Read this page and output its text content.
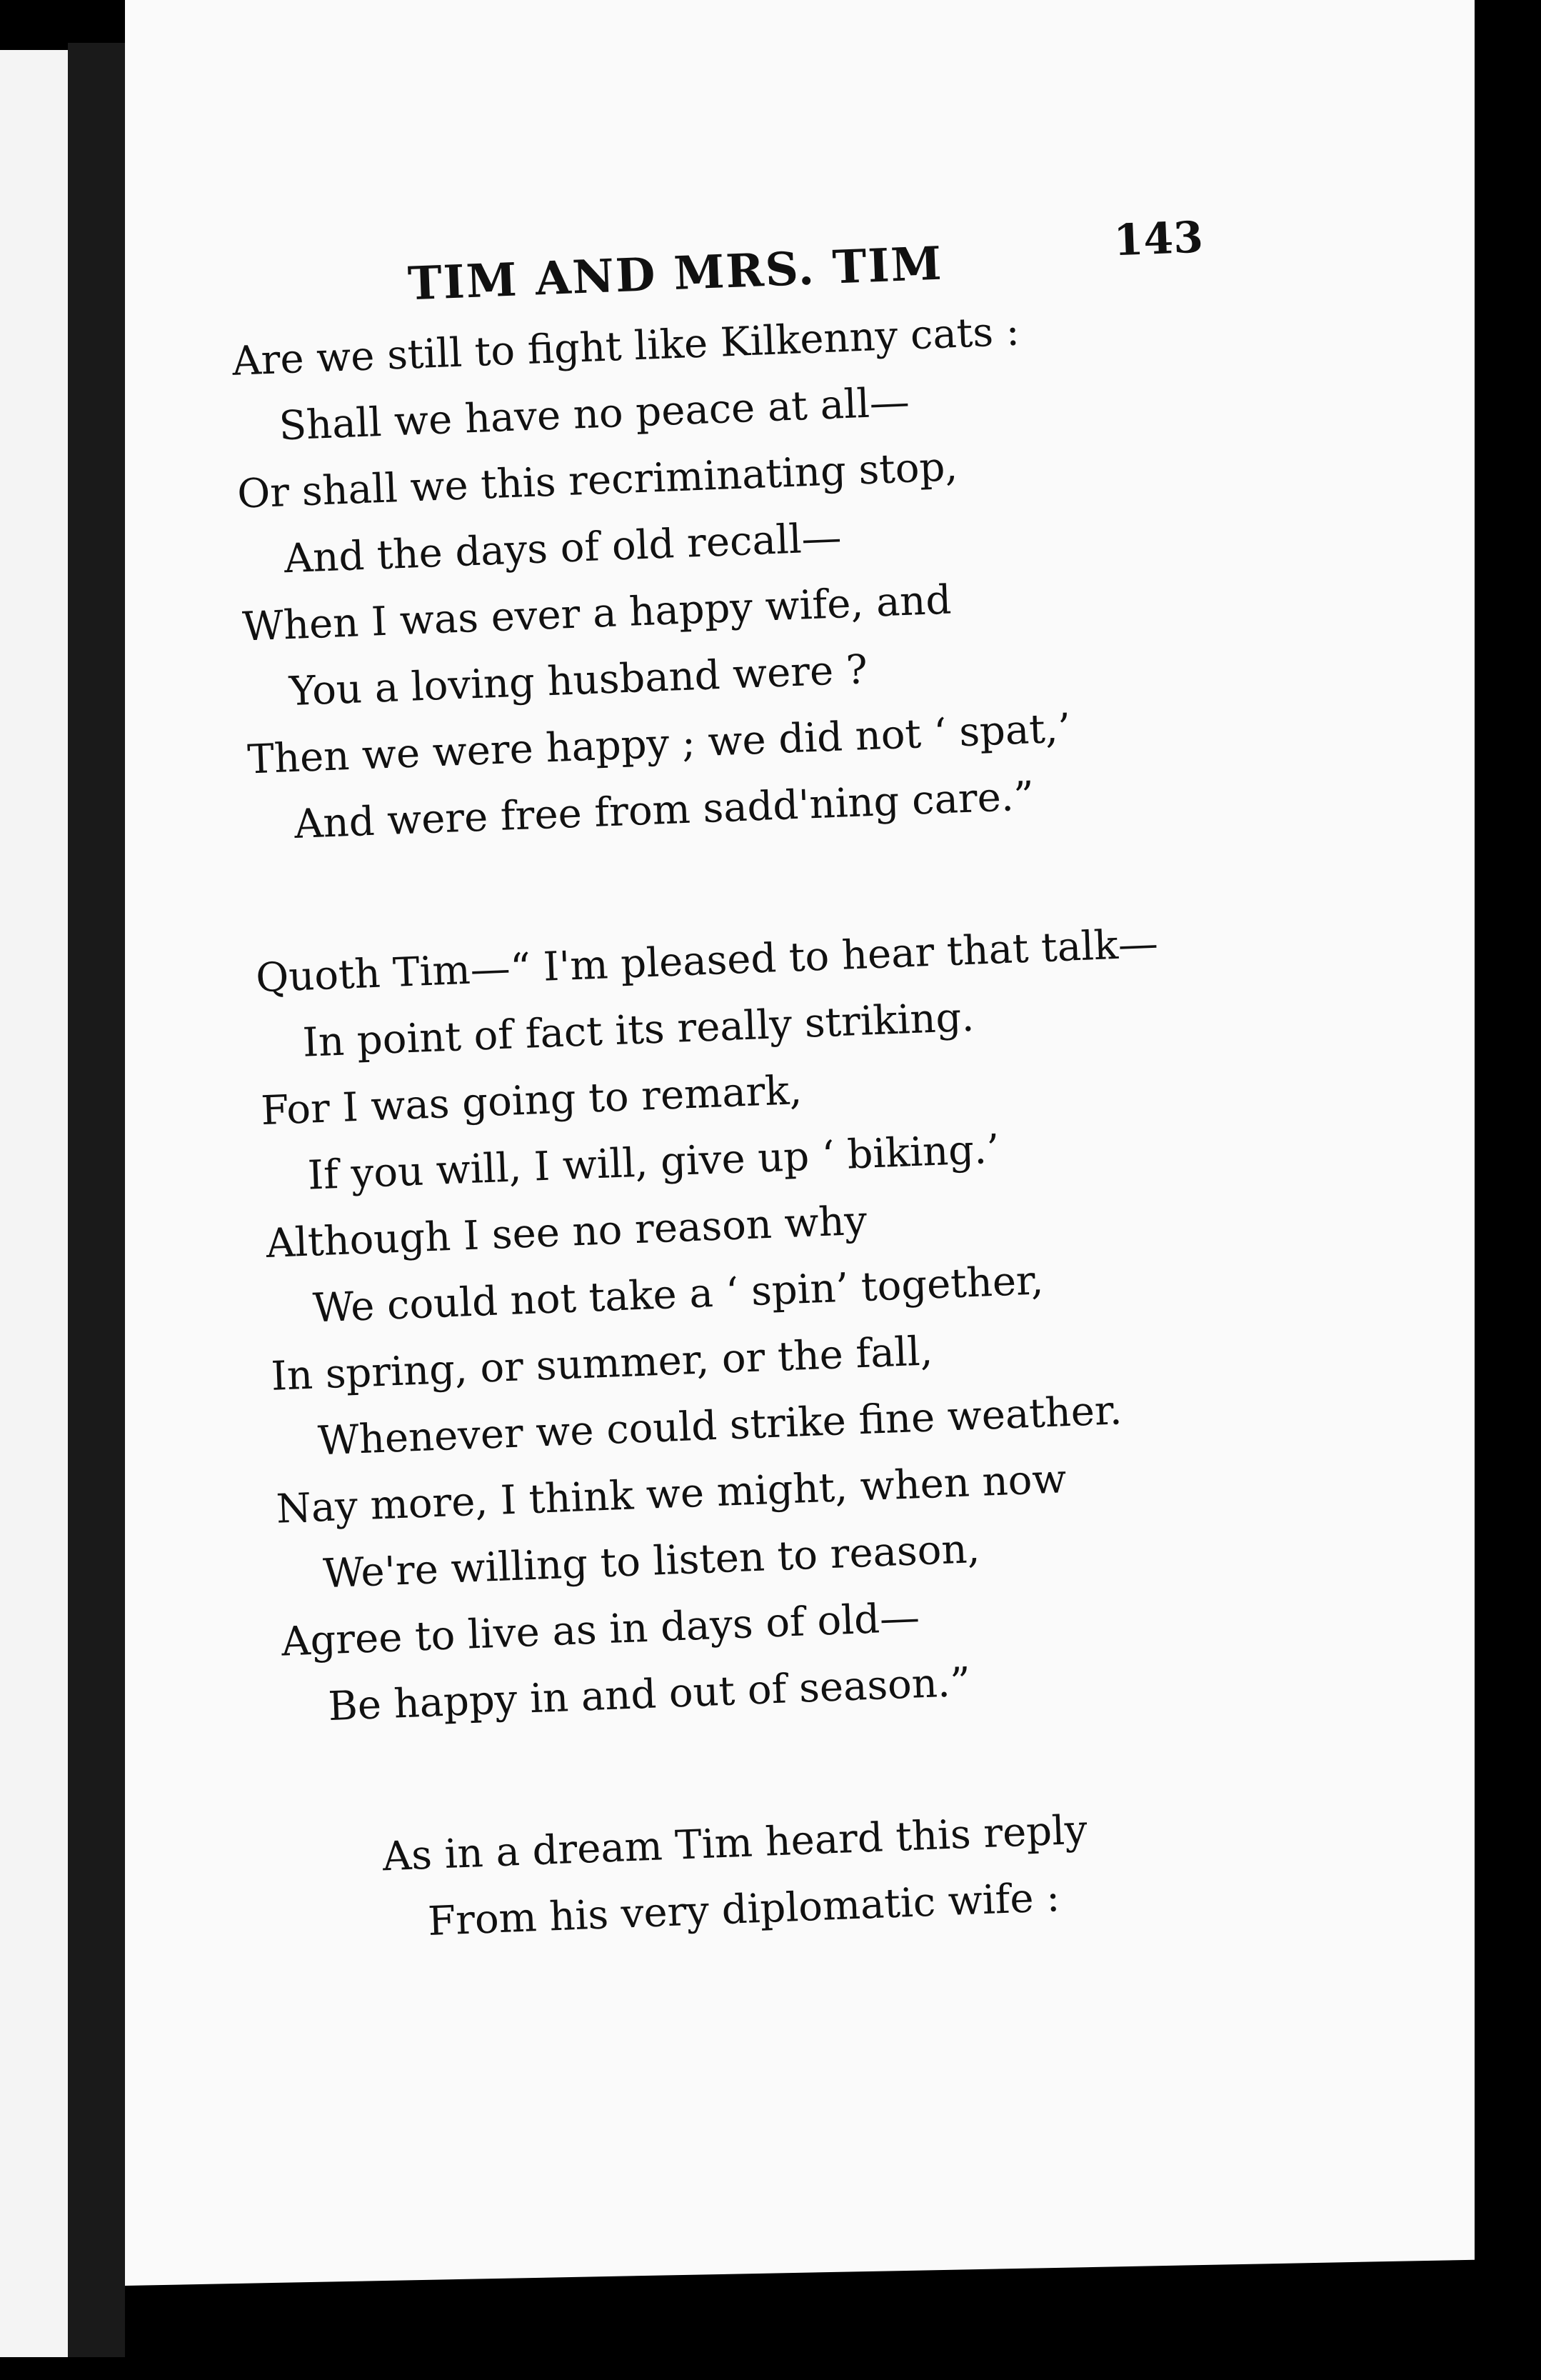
TIM AND MRS. TIM	143
Are we still to fight like Kilkenny cats :
Shall we have no peace at all—
Or shall we this recriminating stop,
And the days of old recall—
When I was ever a happy wife, and
You a loving husband were ?
Then we were happy ; we did not ‘ spat,’
And were free from sadd'ning care.”
Quoth Tim—“ I'm pleased to hear that talk—
In point of fact its really striking.
For I was going to remark,
If you will, I will, give up ‘ biking.’
Although I see no reason why
We could not take a ‘ spin’ together,
In spring, or summer, or the fall,
Whenever we could strike fine weather.
Nay more, I think we might, when now
We're willing to listen to reason,
Agree to live as in days of old—
Be happy in and out of season.”
As in a dream Tim heard this reply
From his very diplomatic wife :
